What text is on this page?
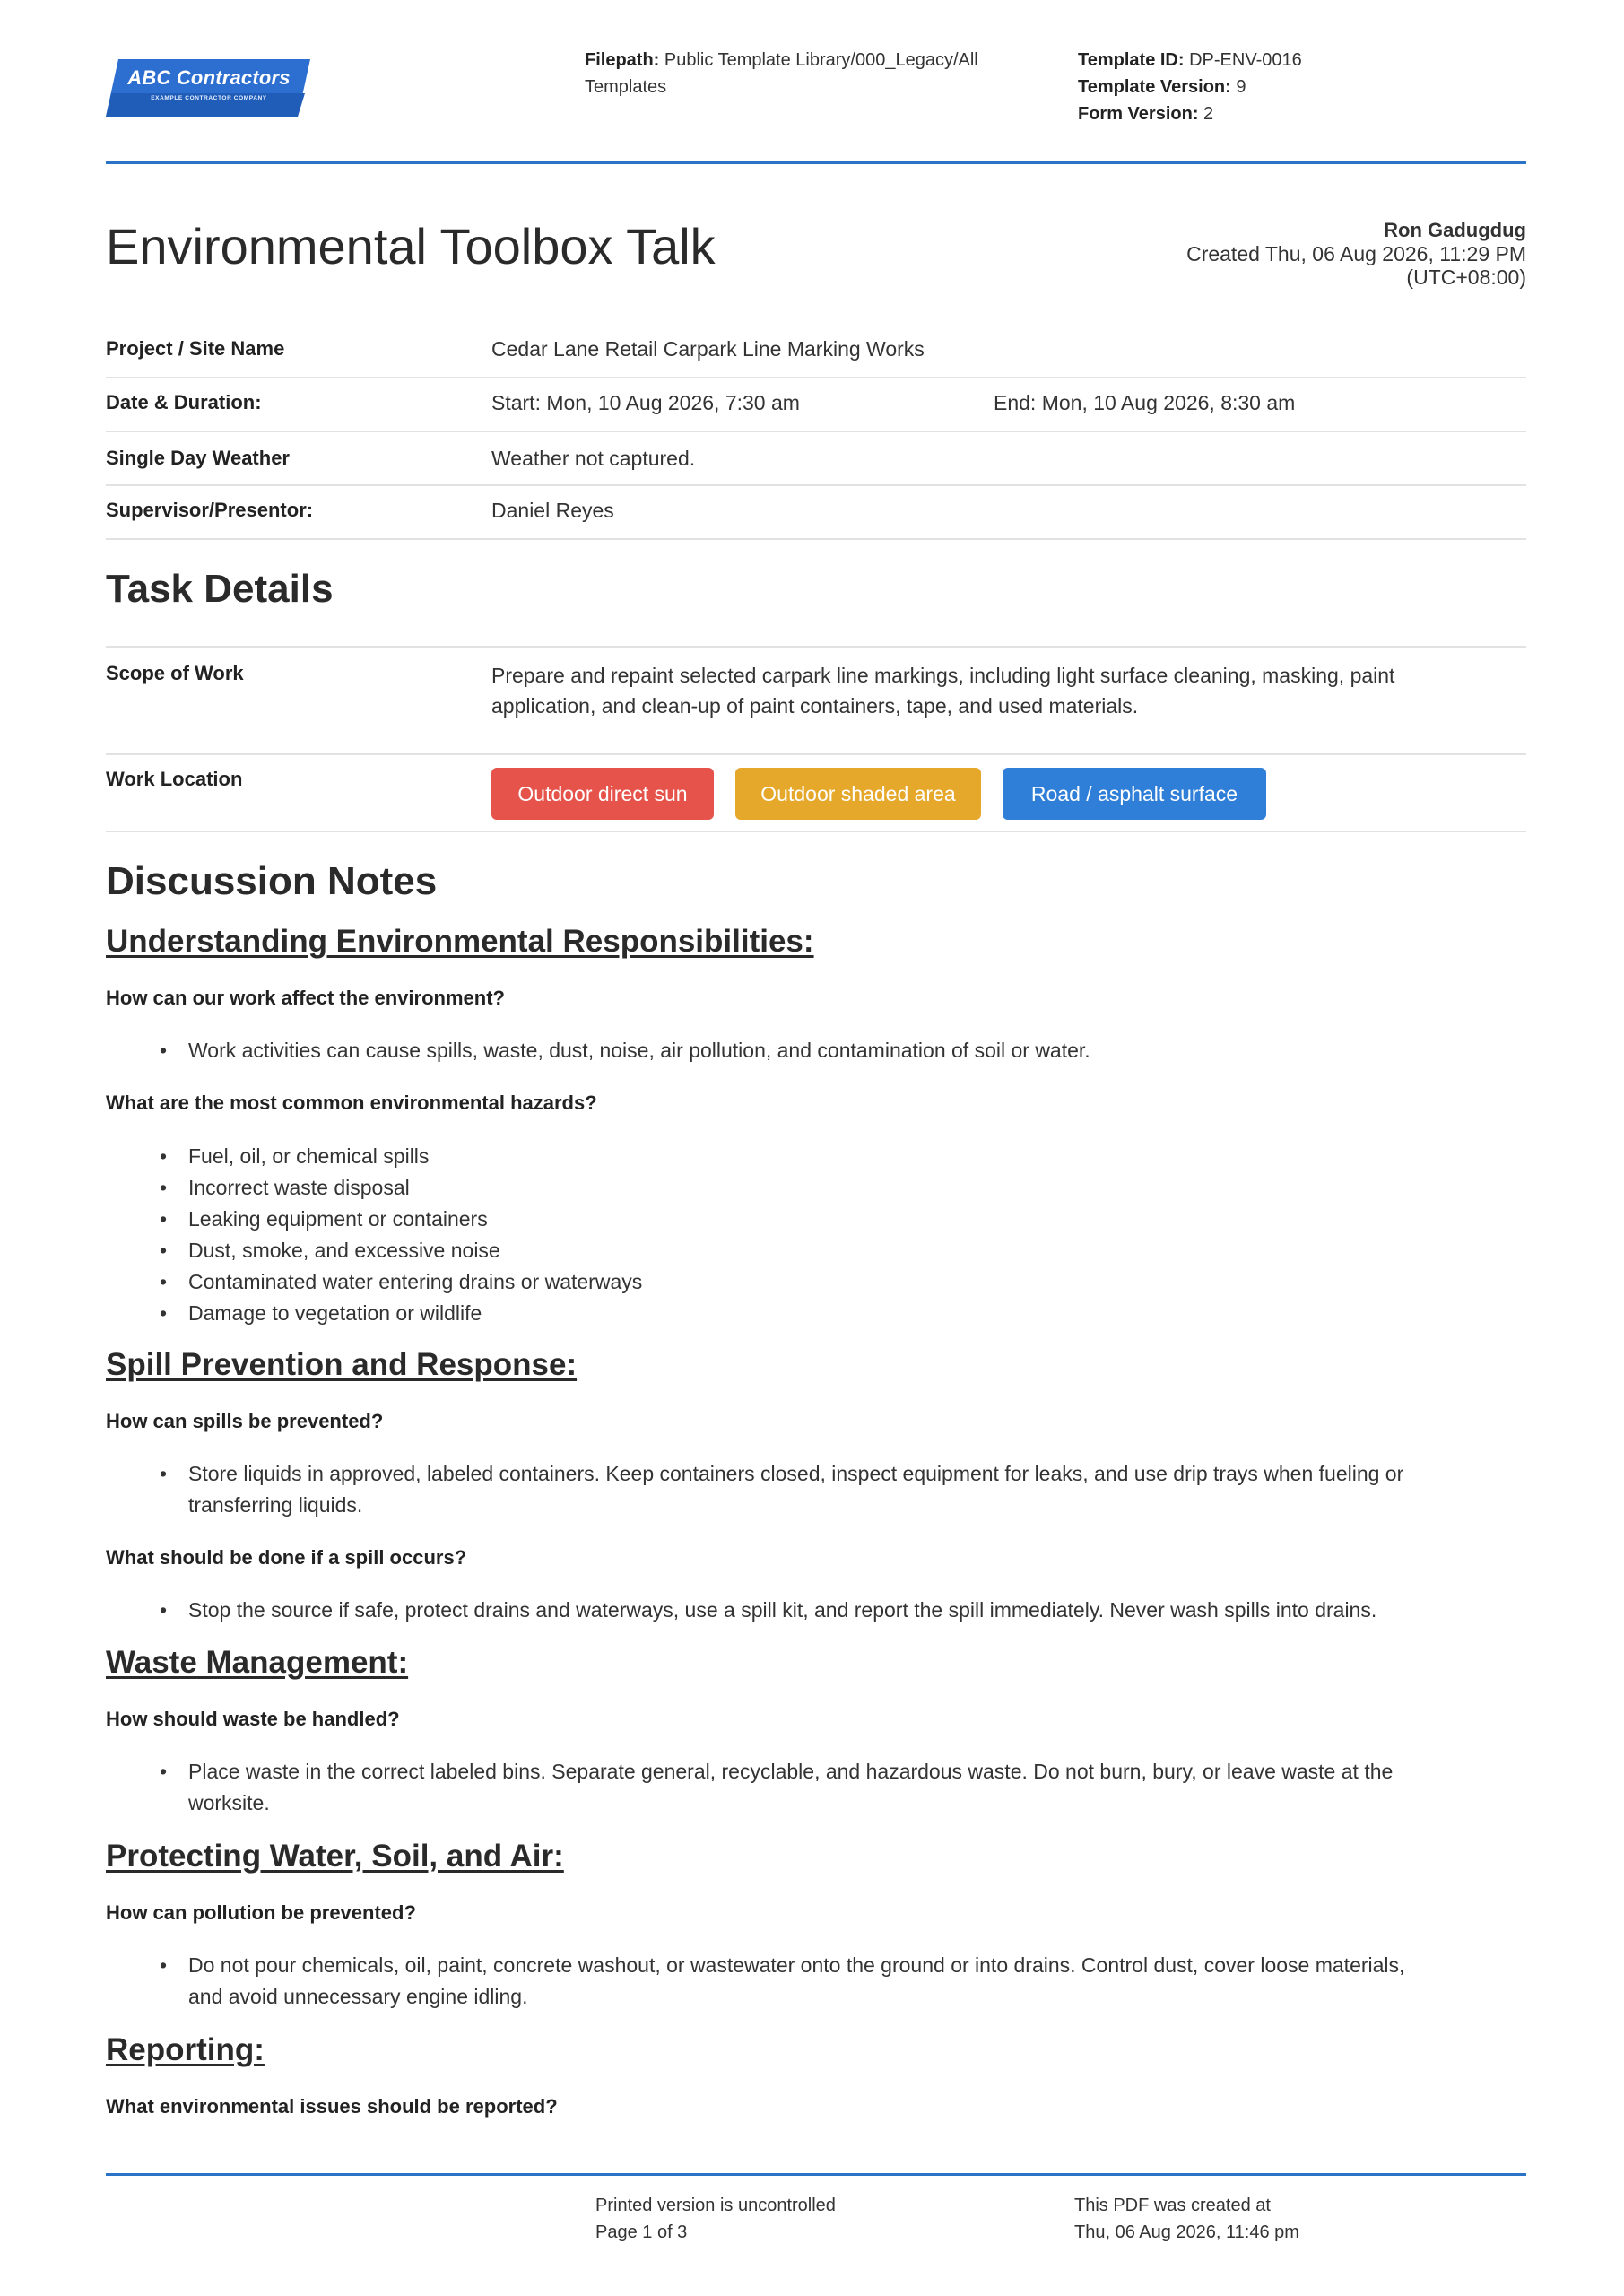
ABC Contractors
EXAMPLE CONTRACTOR COMPANY
Filepath: Public Template Library/000_Legacy/All
Templates
Template ID: DP-ENV-0016
Template Version: 9
Form Version: 2
Environmental Toolbox Talk	Ron Gadugdug
Created Thu, 06 Aug 2026, 11:29 PM
(UTC+08:00)
Project / Site Name	Cedar Lane Retail Carpark Line Marking Works
Date & Duration:	Start: Mon, 10 Aug 2026, 7:30 am	End: Mon, 10 Aug 2026, 8:30 am
Single Day Weather	Weather not captured.
Supervisor/Presentor:	Daniel Reyes
Task Details
Scope of Work	Prepare and repaint selected carpark line markings, including light surface cleaning, masking, paint
application, and clean-up of paint containers, tape, and used materials.
Work Location
Outdoor direct sun	Outdoor shaded area	Road / asphalt surface
Discussion Notes
Understanding Environmental Responsibilities:
How can our work affect the environment?
• Work activities can cause spills, waste, dust, noise, air pollution, and contamination of soil or water.
What are the most common environmental hazards?
• Fuel, oil, or chemical spills
• Incorrect waste disposal
• Leaking equipment or containers
• Dust, smoke, and excessive noise
• Contaminated water entering drains or waterways
• Damage to vegetation or wildlife
Spill Prevention and Response:
How can spills be prevented?
• Store liquids in approved, labeled containers. Keep containers closed, inspect equipment for leaks, and use drip trays when fueling or
transferring liquids.
What should be done if a spill occurs?
• Stop the source if safe, protect drains and waterways, use a spill kit, and report the spill immediately. Never wash spills into drains.
Waste Management:
How should waste be handled?
• Place waste in the correct labeled bins. Separate general, recyclable, and hazardous waste. Do not burn, bury, or leave waste at the
worksite.
Protecting Water, Soil, and Air:
How can pollution be prevented?
• Do not pour chemicals, oil, paint, concrete washout, or wastewater onto the ground or into drains. Control dust, cover loose materials,
and avoid unnecessary engine idling.
Reporting:
What environmental issues should be reported?
Printed version is uncontrolled
Page 1 of 3
This PDF was created at
Thu, 06 Aug 2026, 11:46 pm
